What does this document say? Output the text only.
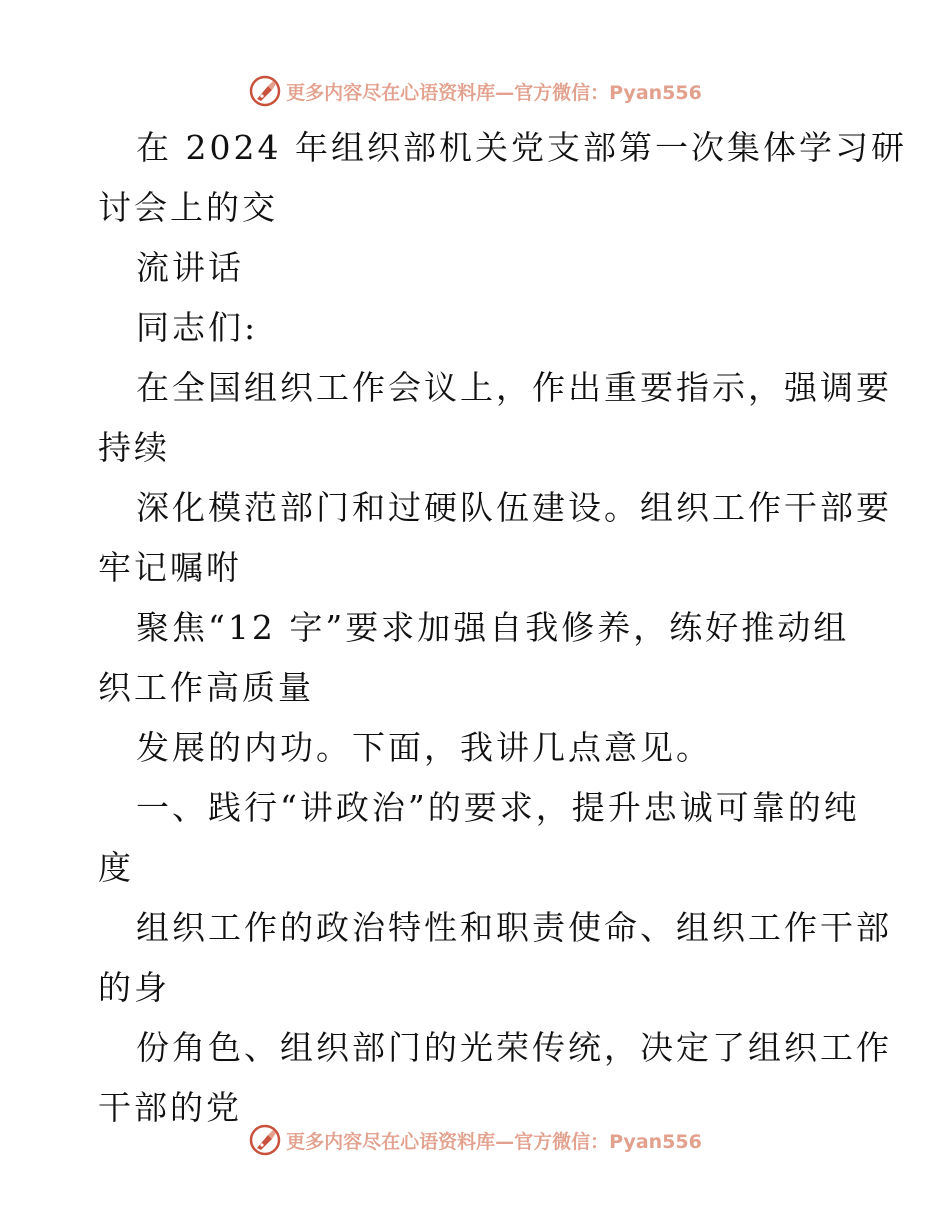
更多内容尽在心语资料库—官方微信：Pyan556
在 2024 年组织部机关党支部第一次集体学习研
讨会上的交
流讲话
同志们:
在全国组织工作会议上，作出重要指示，强调要
持续
深化模范部门和过硬队伍建设。组织工作干部要
牢记嘱咐
聚焦“12 字”要求加强自我修养，练好推动组
织工作高质量
发展的内功。下面，我讲几点意见。
一、践行“讲政治”的要求，提升忠诚可靠的纯
度
组织工作的政治特性和职责使命、组织工作干部
的身
份角色、组织部门的光荣传统，决定了组织工作
干部的党
更多内容尽在心语资料库—官方微信：Pyan556
